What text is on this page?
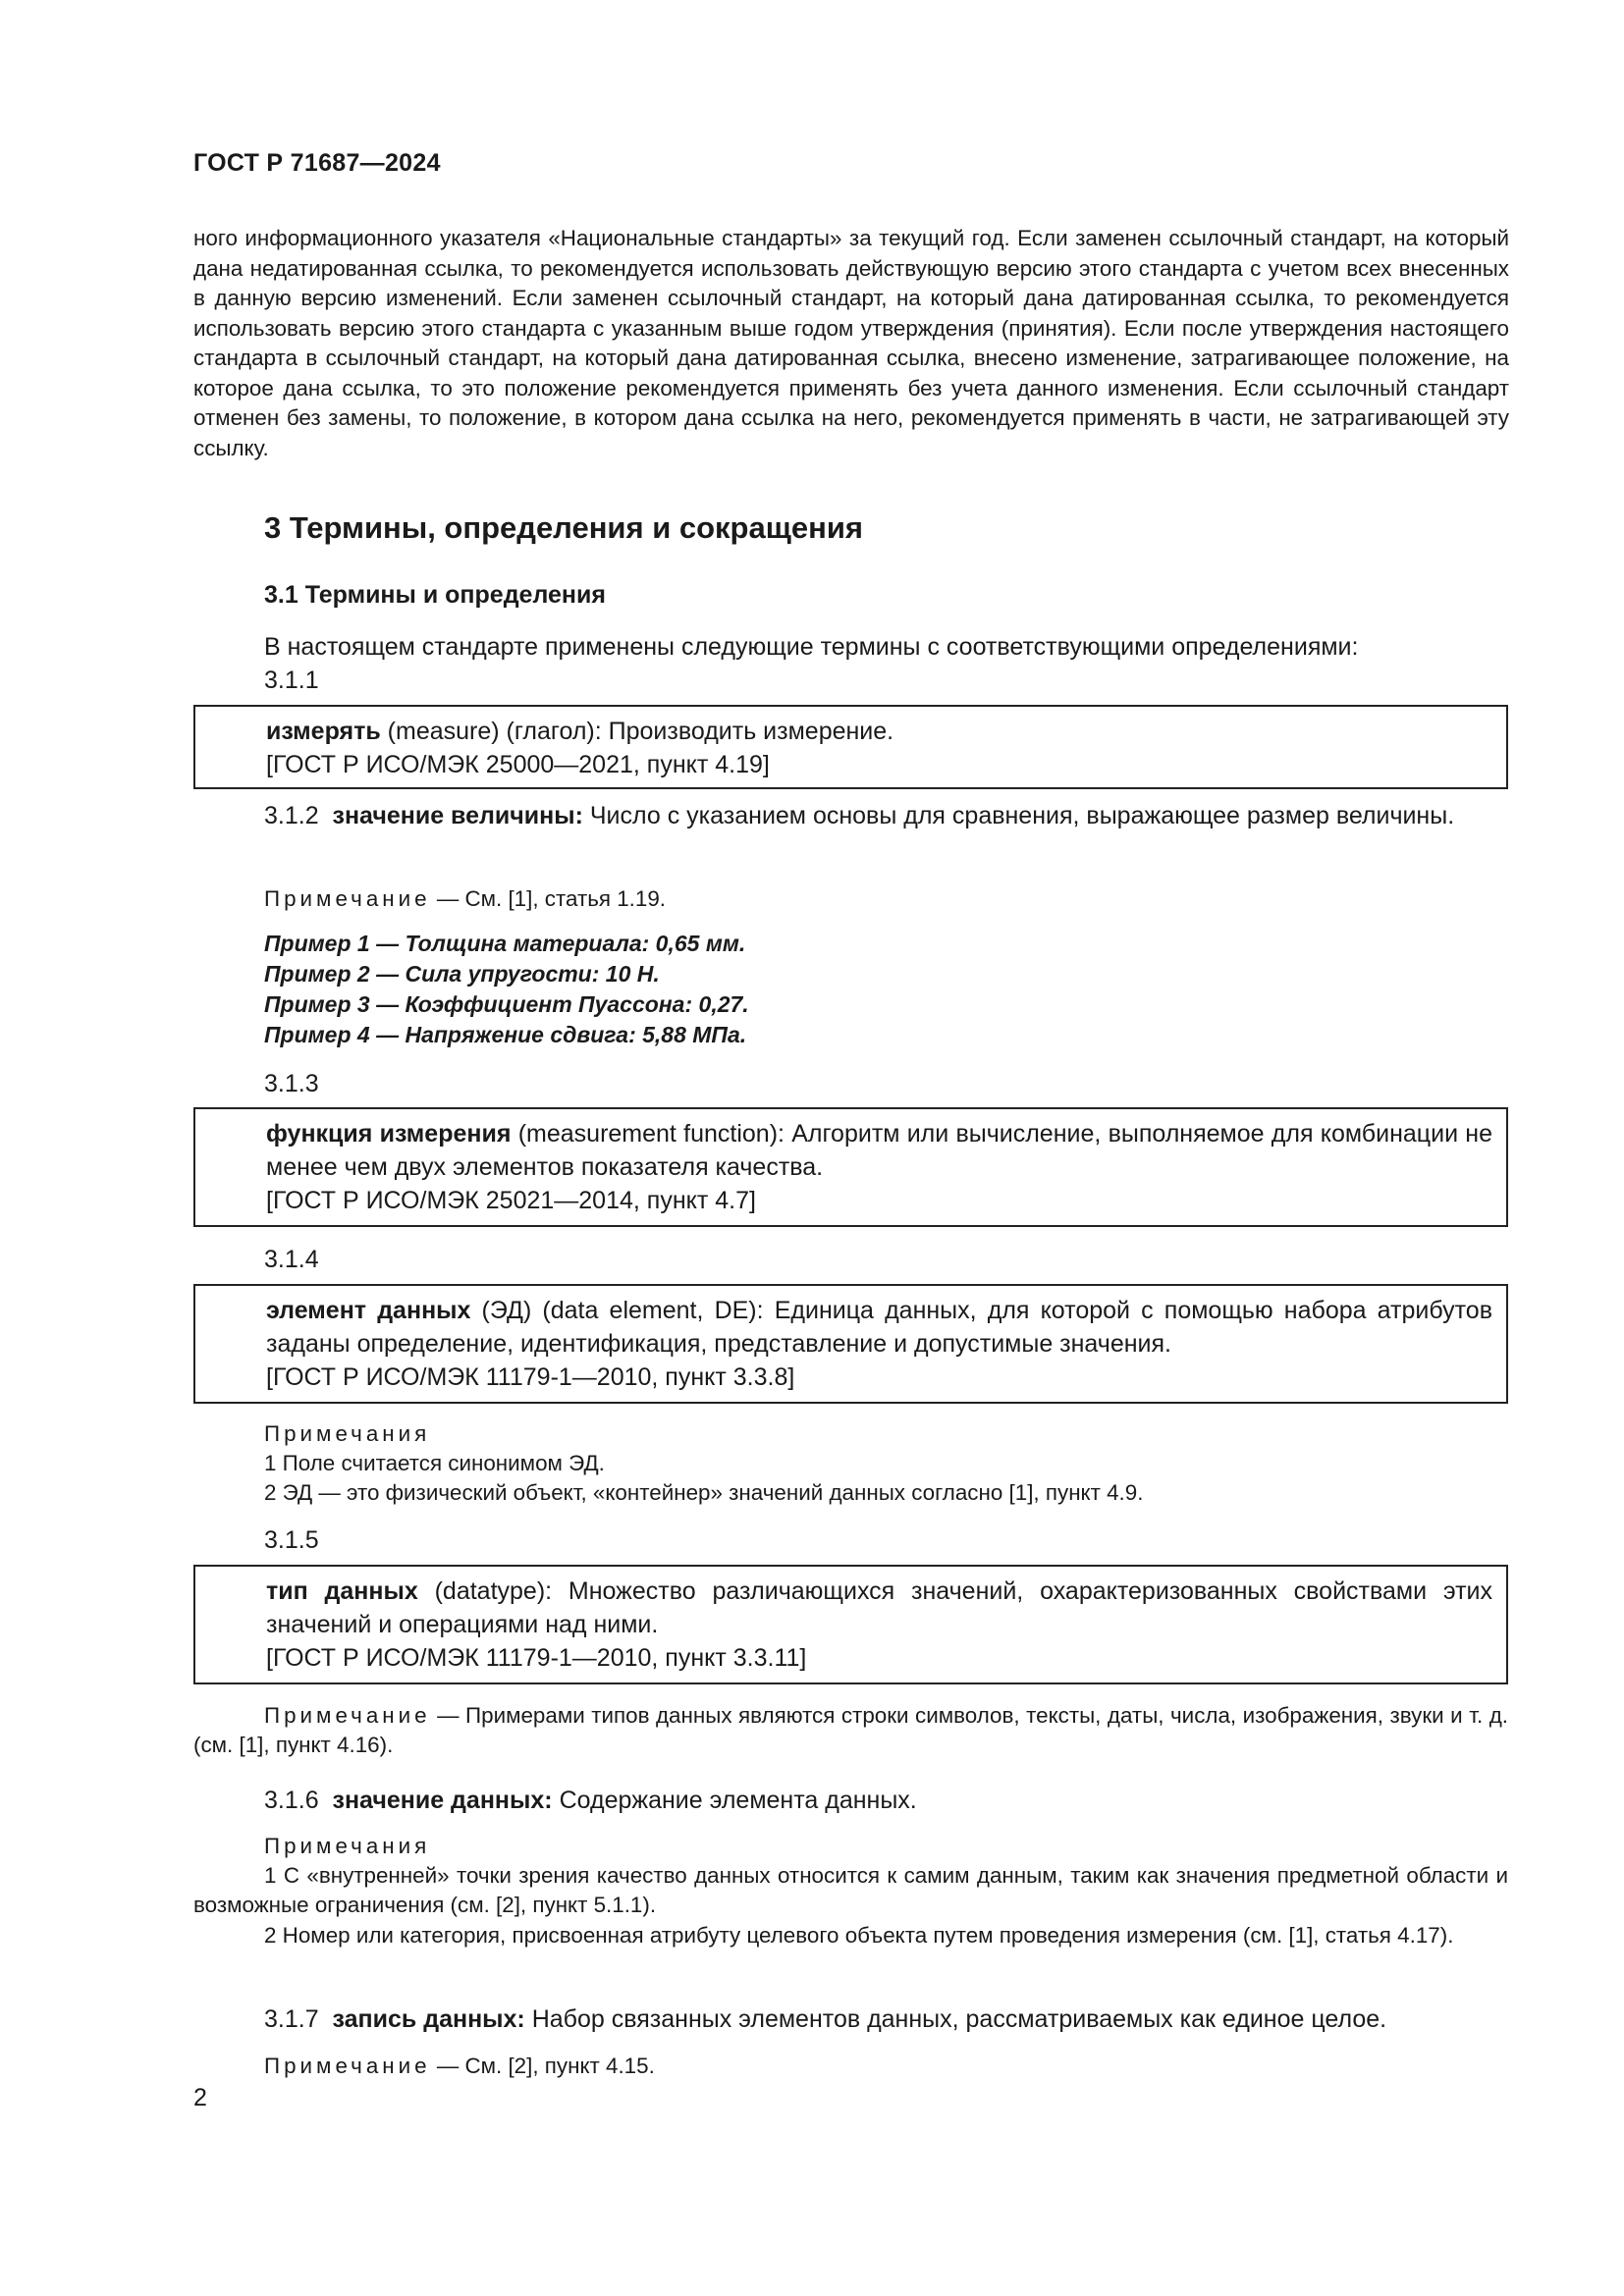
ГОСТ Р 71687—2024
ного информационного указателя «Национальные стандарты» за текущий год. Если заменен ссылочный стандарт, на который дана недатированная ссылка, то рекомендуется использовать действующую версию этого стандарта с учетом всех внесенных в данную версию изменений. Если заменен ссылочный стандарт, на который дана датированная ссылка, то рекомендуется использовать версию этого стандарта с указанным выше годом утверждения (принятия). Если после утверждения настоящего стандарта в ссылочный стандарт, на который дана датированная ссылка, внесено изменение, затрагивающее положение, на которое дана ссылка, то это положение рекомендуется применять без учета данного изменения. Если ссылочный стандарт отменен без замены, то положение, в котором дана ссылка на него, рекомендуется применять в части, не затрагивающей эту ссылку.
3 Термины, определения и сокращения
3.1 Термины и определения
В настоящем стандарте применены следующие термины с соответствующими определениями:
3.1.1
измерять (measure) (глагол): Производить измерение.
[ГОСТ Р ИСО/МЭК 25000—2021, пункт 4.19]
3.1.2 значение величины: Число с указанием основы для сравнения, выражающее размер величины.
Примечание — См. [1], статья 1.19.
Пример 1 — Толщина материала: 0,65 мм.
Пример 2 — Сила упругости: 10 Н.
Пример 3 — Коэффициент Пуассона: 0,27.
Пример 4 — Напряжение сдвига: 5,88 МПа.
3.1.3
функция измерения (measurement function): Алгоритм или вычисление, выполняемое для комбинации не менее чем двух элементов показателя качества.
[ГОСТ Р ИСО/МЭК 25021—2014, пункт 4.7]
3.1.4
элемент данных (ЭД) (data element, DE): Единица данных, для которой с помощью набора атрибутов заданы определение, идентификация, представление и допустимые значения.
[ГОСТ Р ИСО/МЭК 11179-1—2010, пункт 3.3.8]
Примечания
1 Поле считается синонимом ЭД.
2 ЭД — это физический объект, «контейнер» значений данных согласно [1], пункт 4.9.
3.1.5
тип данных (datatype): Множество различающихся значений, охарактеризованных свойствами этих значений и операциями над ними.
[ГОСТ Р ИСО/МЭК 11179-1—2010, пункт 3.3.11]
Примечание — Примерами типов данных являются строки символов, тексты, даты, числа, изображения, звуки и т. д. (см. [1], пункт 4.16).
3.1.6 значение данных: Содержание элемента данных.
Примечания
1 С «внутренней» точки зрения качество данных относится к самим данным, таким как значения предметной области и возможные ограничения (см. [2], пункт 5.1.1).
2 Номер или категория, присвоенная атрибуту целевого объекта путем проведения измерения (см. [1], статья 4.17).
3.1.7 запись данных: Набор связанных элементов данных, рассматриваемых как единое целое.
Примечание — См. [2], пункт 4.15.
2
